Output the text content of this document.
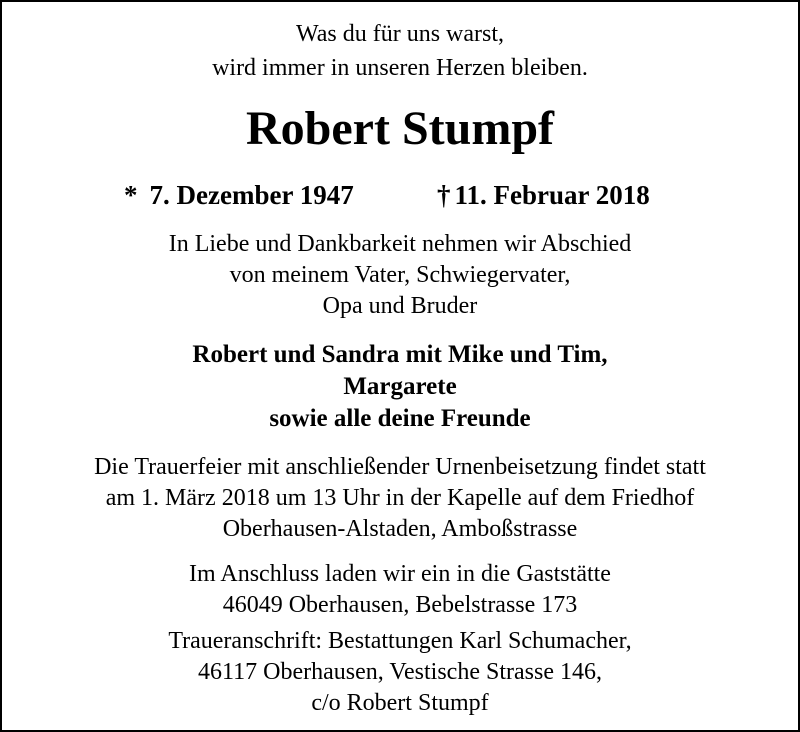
Was du für uns warst,
wird immer in unseren Herzen bleiben.
Robert Stumpf
* 7. Dezember 1947	† 11. Februar 2018
In Liebe und Dankbarkeit nehmen wir Abschied
von meinem Vater, Schwiegervater,
Opa und Bruder
Robert und Sandra mit Mike und Tim,
Margarete
sowie alle deine Freunde
Die Trauerfeier mit anschließender Urnenbeisetzung findet statt
am 1. März 2018 um 13 Uhr in der Kapelle auf dem Friedhof
Oberhausen-Alstaden, Amboßstrasse
Im Anschluss laden wir ein in die Gaststätte
46049 Oberhausen, Bebelstrasse 173
Traueranschrift: Bestattungen Karl Schumacher,
46117 Oberhausen, Vestische Strasse 146,
c/o Robert Stumpf
